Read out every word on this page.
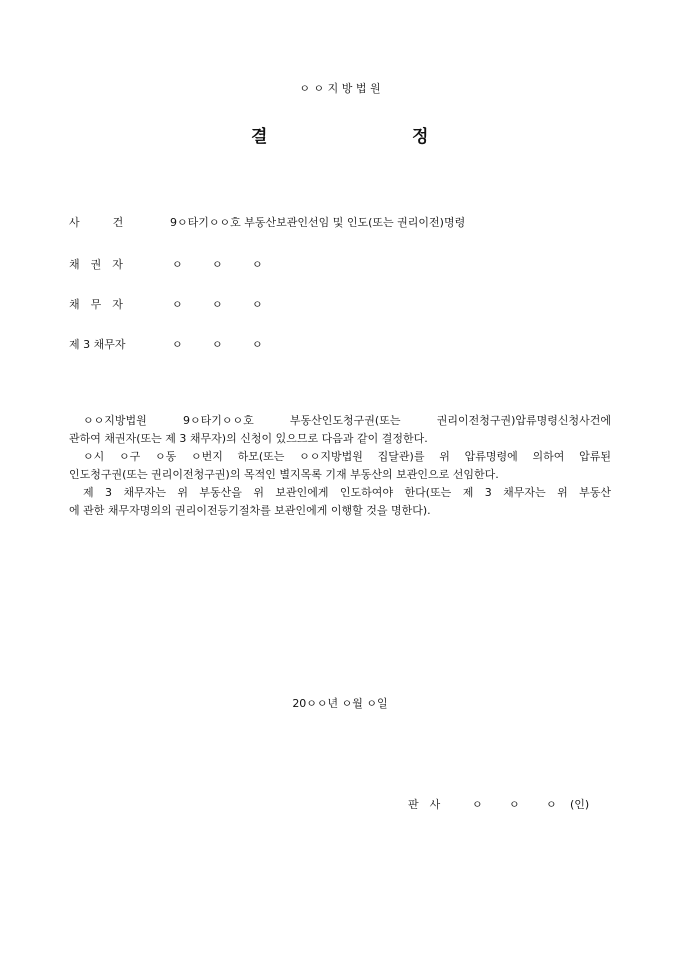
ㅇ ㅇ 지 방 법 원
결	정
사　　　건	9ㅇ타기ㅇㅇ호 부동산보관인선임 및 인도(또는 권리이전)명령
채　권　자	ㅇ	ㅇ	ㅇ
채　무　자	ㅇ	ㅇ	ㅇ
제 3 채무자	ㅇ	ㅇ	ㅇ

ㅇㅇ지방법원 9ㅇ타기ㅇㅇ호 부동산인도청구권(또는 권리이전청구권)압류명령신청사건에

관하여 채권자(또는 제 3 채무자)의 신청이 있으므로 다음과 같이 결정한다.

ㅇ시 ㅇ구 ㅇ동 ㅇ번지 하모(또는 ㅇㅇ지방법원 집달관)를 위 압류명령에 의하여 압류된

인도청구권(또는 권리이전청구권)의 목적인 별지목록 기재 부동산의 보관인으로 선임한다.

제 3 채무자는 위 부동산을 위 보관인에게 인도하여야 한다(또는 제 3 채무자는 위 부동산

에 관한 채무자명의의 권리이전등기절차를 보관인에게 이행할 것을 명한다).

20ㅇㅇ년 ㅇ월 ㅇ일
판　사	ㅇ ㅇ ㅇ (인)
